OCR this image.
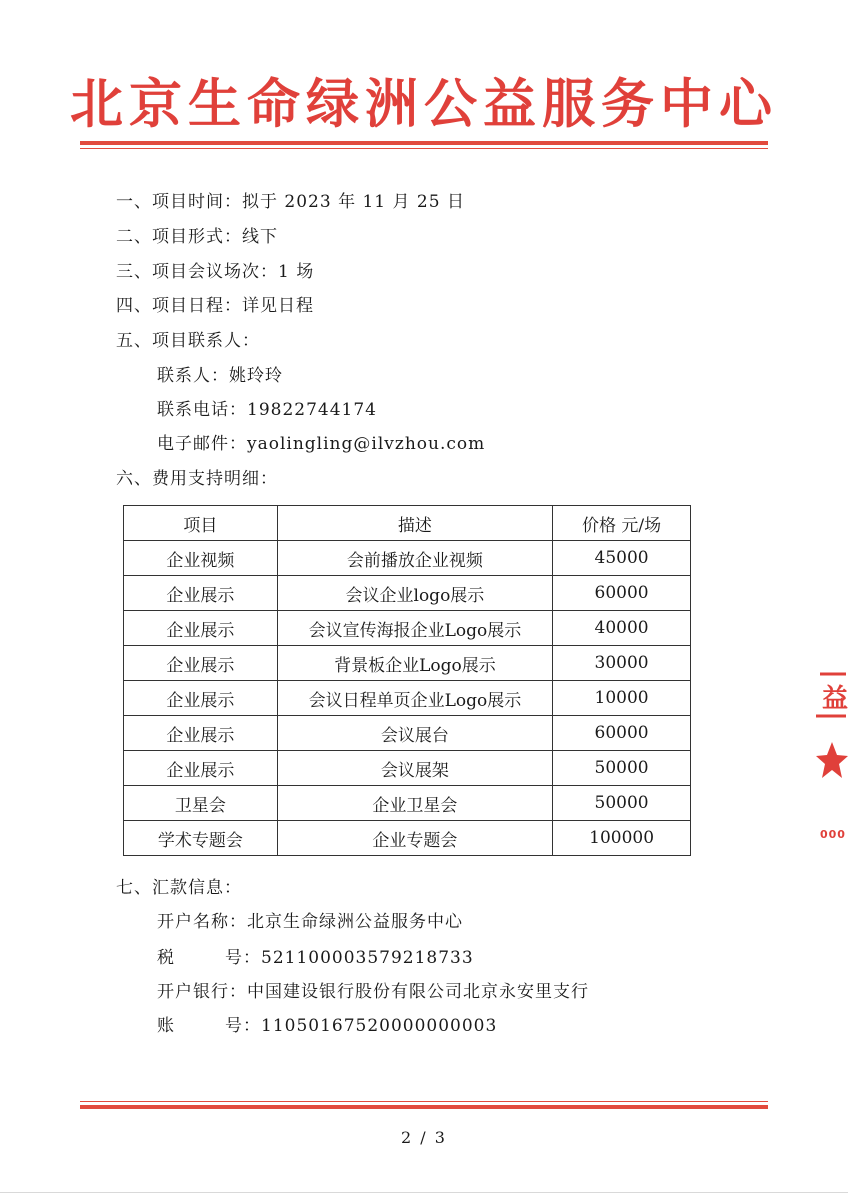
北京生命绿洲公益服务中心
一、项目时间：拟于 2023 年 11 月 25 日
二、项目形式：线下
三、项目会议场次：1 场
四、项目日程：详见日程
五、项目联系人：
联系人：姚玲玲
联系电话：19822744174
电子邮件：yaolingling@ilvzhou.com
六、费用支持明细：
项目	描述	价格 元/场
企业视频	会前播放企业视频	45000
企业展示	会议企业logo展示	60000
企业展示	会议宣传海报企业Logo展示	40000
企业展示	背景板企业Logo展示	30000
企业展示	会议日程单页企业Logo展示	10000
企业展示	会议展台	60000
企业展示	会议展架	50000
卫星会	企业卫星会	50000
学术专题会	企业专题会	100000
七、汇款信息：
开户名称：北京生命绿洲公益服务中心
税	号：521100003579218733
开户银行：中国建设银行股份有限公司北京永安里支行
账	号：11050167520000000003
2 / 3
益
000
